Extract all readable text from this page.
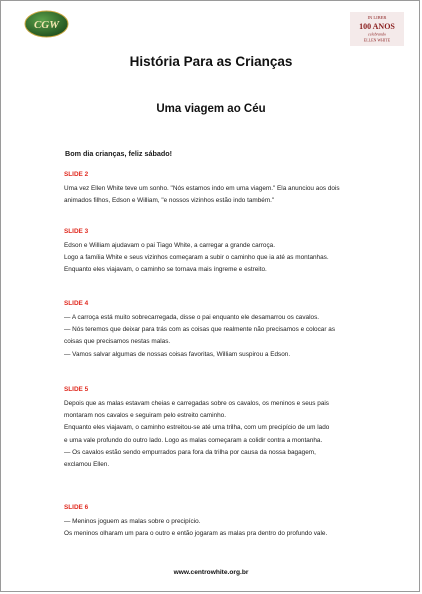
CGW
IN LIBER
100 ANOS
celebrando
ELLEN WHITE
História Para as Crianças
Uma viagem ao Céu

Bom dia crianças, feliz sábado!

SLIDE 2

Uma vez Ellen White teve um sonho. "Nós estamos indo em uma viagem." Ela anunciou aos dois

animados filhos, Edson e William, "e nossos vizinhos estão indo também."

SLIDE 3

Edson e William ajudavam o pai Tiago White, a carregar a grande carroça.

Logo a família White e seus vizinhos começaram a subir o caminho que ia até as montanhas.

Enquanto eles viajavam, o caminho se tornava mais íngreme e estreito.

SLIDE 4

— A carroça está muito sobrecarregada, disse o pai enquanto ele desamarrou os cavalos.

— Nós teremos que deixar para trás com as coisas que realmente não precisamos e colocar as

coisas que precisamos nestas malas.

— Vamos salvar algumas de nossas coisas favoritas, William suspirou a Edson.

SLIDE 5

Depois que as malas estavam cheias e carregadas sobre os cavalos, os meninos e seus pais

montaram nos cavalos e seguiram pelo estreito caminho.

Enquanto eles viajavam, o caminho estreitou-se até uma trilha, com um precipício de um lado

e uma vale profundo do outro lado. Logo as malas começaram a colidir contra a montanha.

— Os cavalos estão sendo empurrados para fora da trilha por causa da nossa bagagem,

exclamou Ellen.

SLIDE 6

— Meninos joguem as malas sobre o precipício.

Os meninos olharam um para o outro e então jogaram as malas pra dentro do profundo vale.

www.centrowhite.org.br
